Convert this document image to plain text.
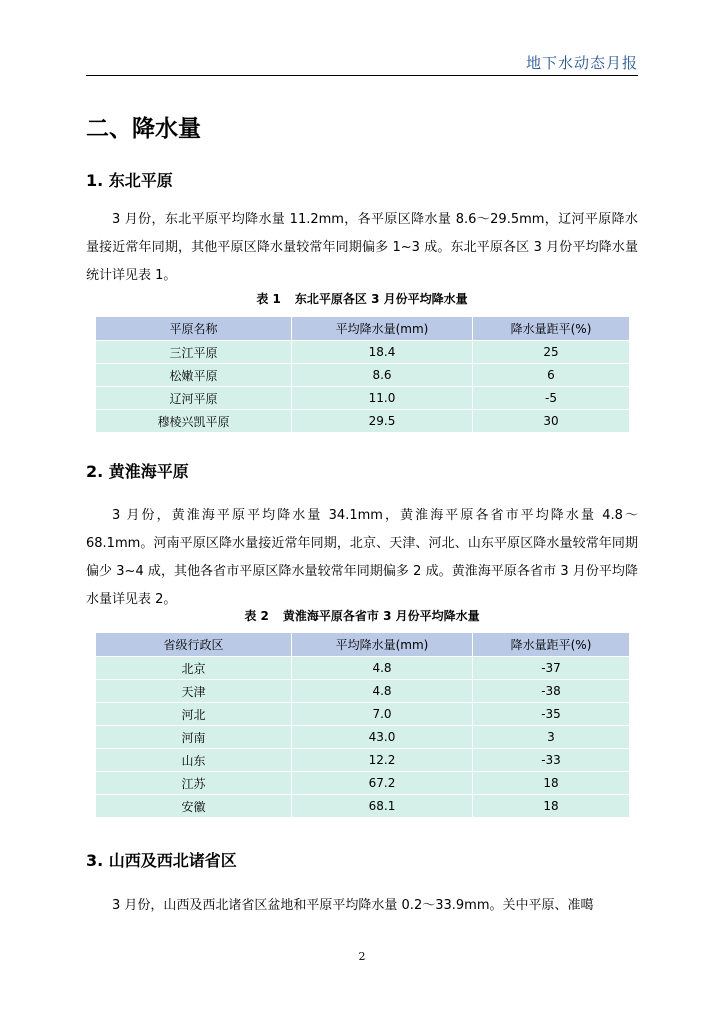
地下水动态月报
二、降水量
1. 东北平原
3 月份，东北平原平均降水量 11.2mm，各平原区降水量 8.6～29.5mm，辽河平原降水量接近常年同期，其他平原区降水量较常年同期偏多 1~3 成。东北平原各区 3 月份平均降水量统计详见表 1。
表 1 东北平原各区 3 月份平均降水量
平原名称	平均降水量(mm)	降水量距平(%)
三江平原	18.4	25
松嫩平原	8.6	6
辽河平原	11.0	-5
穆棱兴凯平原	29.5	30
2. 黄淮海平原
3 月份，黄淮海平原平均降水量 34.1mm，黄淮海平原各省市平均降水量 4.8～68.1mm。河南平原区降水量接近常年同期，北京、天津、河北、山东平原区降水量较常年同期偏少 3~4 成，其他各省市平原区降水量较常年同期偏多 2 成。黄淮海平原各省市 3 月份平均降水量详见表 2。
表 2 黄淮海平原各省市 3 月份平均降水量
省级行政区	平均降水量(mm)	降水量距平(%)
北京	4.8	-37
天津	4.8	-38
河北	7.0	-35
河南	43.0	3
山东	12.2	-33
江苏	67.2	18
安徽	68.1	18
3. 山西及西北诸省区
3 月份，山西及西北诸省区盆地和平原平均降水量 0.2～33.9mm。关中平原、准噶
2
